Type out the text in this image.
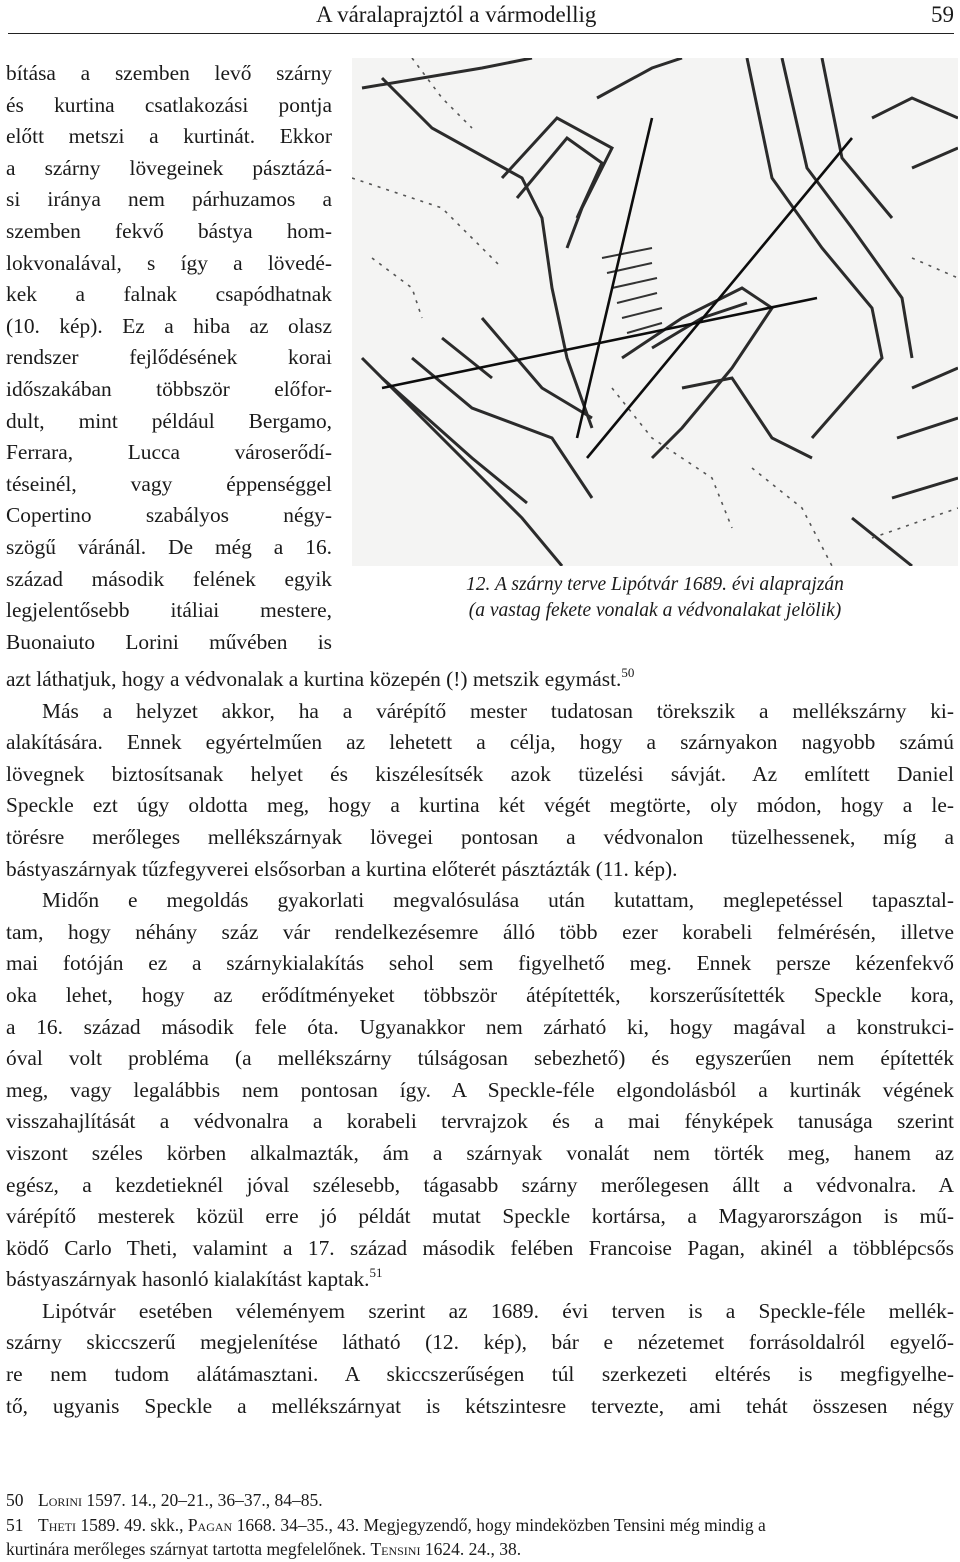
A váralaprajztól a vármodellig	59
bítása a szemben levő szárny
és kurtina csatlakozási pontja
előtt metszi a kurtinát. Ekkor
a szárny lövegeinek pásztázá-
si iránya nem párhuzamos a
szemben fekvő bástya hom-
lokvonalával, s így a lövedé-
kek a falnak csapódhatnak
(10. kép). Ez a hiba az olasz
rendszer fejlődésének korai
időszakában többször előfor-
dult, mint például Bergamo,
Ferrara, Lucca városerődí-
téseinél, vagy éppenséggel
Copertino szabályos négy-
szögű váránál. De még a 16.
század második felének egyik
legjelentősebb itáliai mestere,
Buonaiuto Lorini művében is
12. A szárny terve Lipótvár 1689. évi alaprajzán
(a vastag fekete vonalak a védvonalakat jelölik)
azt láthatjuk, hogy a védvonalak a kurtina közepén (!) metszik egymást.$^{50}$
Más a helyzet akkor, ha a várépítő mester tudatosan törekszik a mellékszárny ki-
alakítására. Ennek egyértelműen az lehetett a célja, hogy a szárnyakon nagyobb számú
lövegnek biztosítsanak helyet és kiszélesítsék azok tüzelési sávját. Az említett Daniel
Speckle ezt úgy oldotta meg, hogy a kurtina két végét megtörte, oly módon, hogy a le-
törésre merőleges mellékszárnyak lövegei pontosan a védvonalon tüzelhessenek, míg a
bástyaszárnyak tűzfegyverei elsősorban a kurtina előterét pásztázták (11. kép).
Midőn e megoldás gyakorlati megvalósulása után kutattam, meglepetéssel tapasztal-
tam, hogy néhány száz vár rendelkezésemre álló több ezer korabeli felmérésén, illetve
mai fotóján ez a szárnykialakítás sehol sem figyelhető meg. Ennek persze kézenfekvő
oka lehet, hogy az erődítményeket többször átépítették, korszerűsítették Speckle kora,
a 16. század második fele óta. Ugyanakkor nem zárható ki, hogy magával a konstrukci-
óval volt probléma (a mellékszárny túlságosan sebezhető) és egyszerűen nem építették
meg, vagy legalábbis nem pontosan így. A Speckle-féle elgondolásból a kurtinák végének
visszahajlítását a védvonalra a korabeli tervrajzok és a mai fényképek tanusága szerint
viszont széles körben alkalmazták, ám a szárnyak vonalát nem törték meg, hanem az
egész, a kezdetieknél jóval szélesebb, tágasabb szárny merőlegesen állt a védvonalra. A
várépítő mesterek közül erre jó példát mutat Speckle kortársa, a Magyarországon is mű-
ködő Carlo Theti, valamint a 17. század második felében Francoise Pagan, akinél a többlépcsős
bástyaszárnyak hasonló kialakítást kaptak.$^{51}$
Lipótvár esetében véleményem szerint az 1689. évi terven is a Speckle-féle mellék-
szárny skiccszerű megjelenítése látható (12. kép), bár e nézetemet forrásoldalról egyelő-
re nem tudom alátámasztani. A skiccszerűségen túl szerkezeti eltérés is megfigyelhe-
tő, ugyanis Speckle a mellékszárnyat is kétszintesre tervezte, ami tehát összesen négy
50 Lorini 1597. 14., 20–21., 36–37., 84–85.
51 Theti 1589. 49. skk., Pagan 1668. 34–35., 43. Megjegyzendő, hogy mindeközben Tensini még mindig a
kurtinára merőleges szárnyat tartotta megfelelőnek. Tensini 1624. 24., 38.
